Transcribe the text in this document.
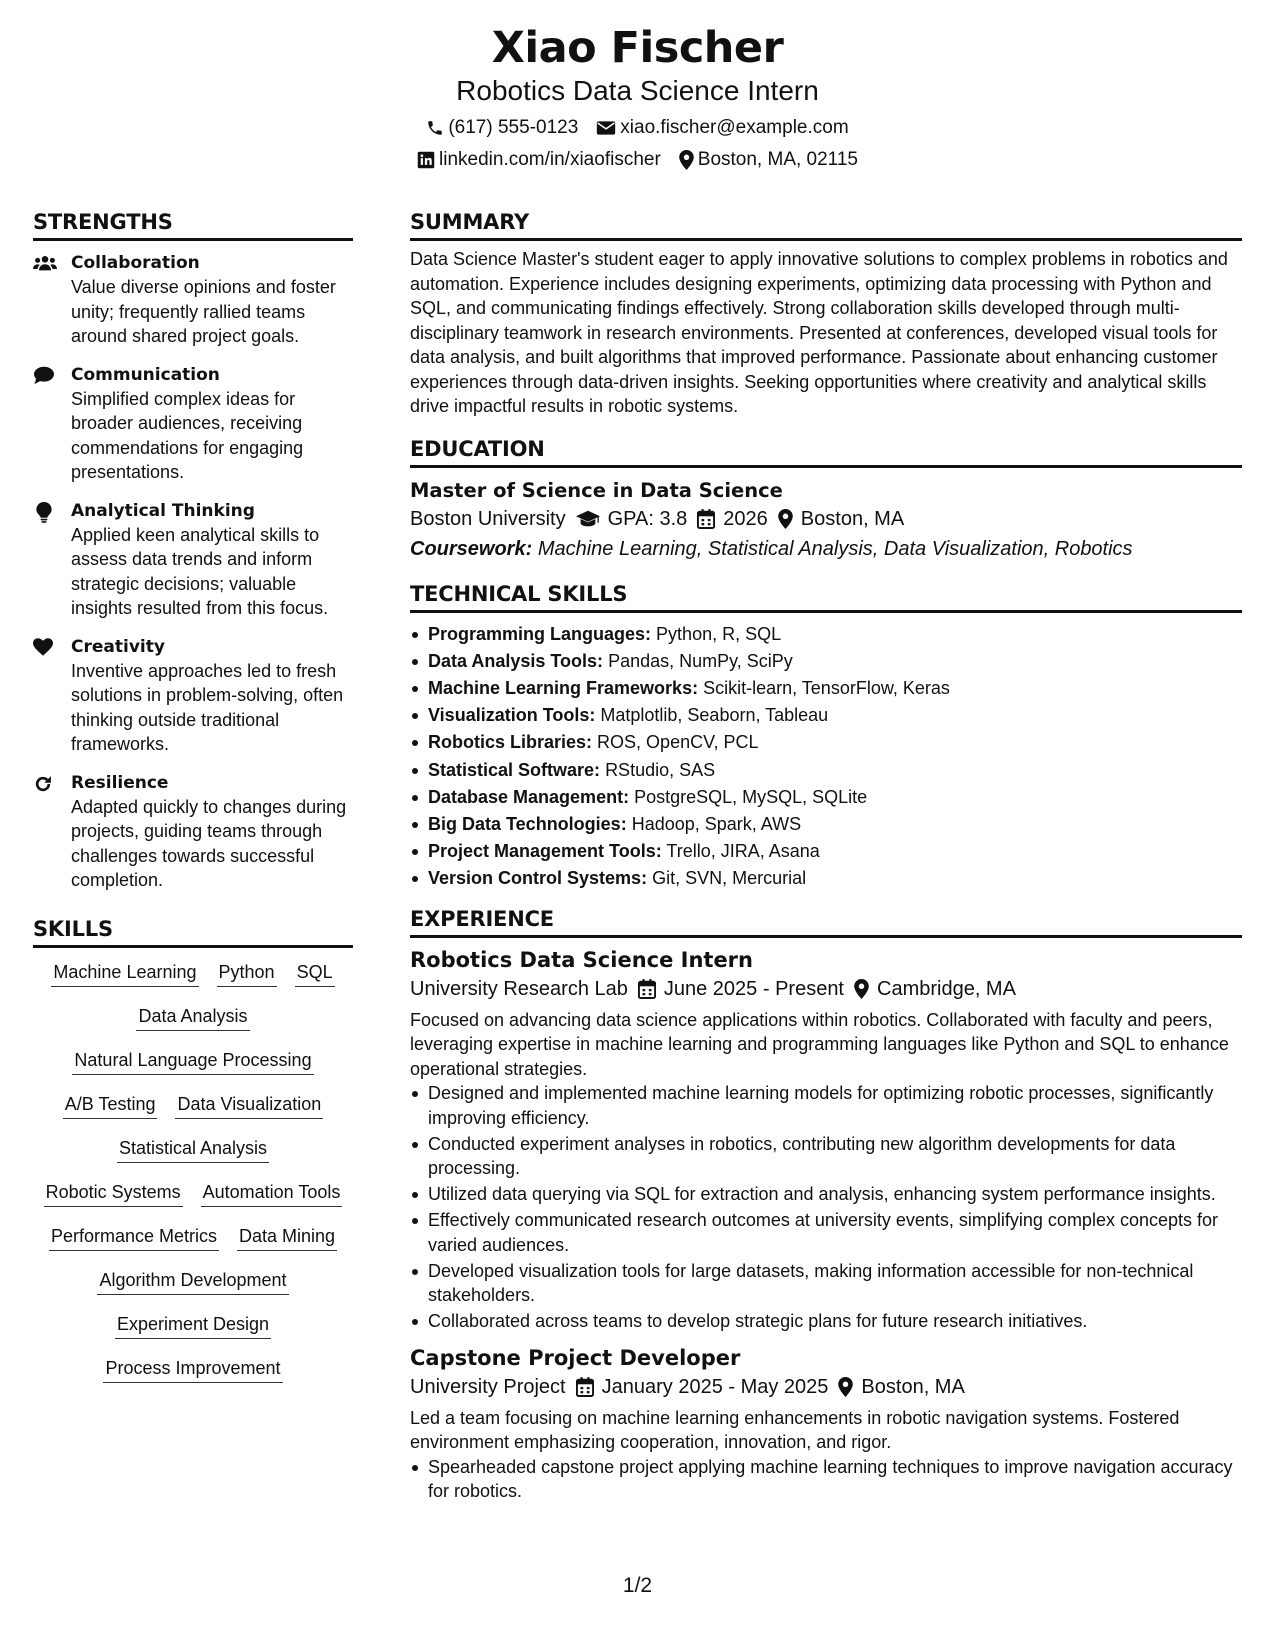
Xiao Fischer
Robotics Data Science Intern
(617) 555-0123 xiao.fischer@example.com
linkedin.com/in/xiaofischer Boston, MA, 02115
STRENGTHS
Collaboration
Value diverse opinions and foster unity; frequently rallied teams around shared project goals.
Communication
Simplified complex ideas for broader audiences, receiving commendations for engaging presentations.
Analytical Thinking
Applied keen analytical skills to assess data trends and inform strategic decisions; valuable insights resulted from this focus.
Creativity
Inventive approaches led to fresh solutions in problem-solving, often thinking outside traditional frameworks.
Resilience
Adapted quickly to changes during projects, guiding teams through challenges towards successful completion.
SKILLS
Machine Learning Python SQL
Data Analysis
Natural Language Processing
A/B Testing Data Visualization
Statistical Analysis
Robotic Systems Automation Tools
Performance Metrics Data Mining
Algorithm Development
Experiment Design
Process Improvement
SUMMARY
Data Science Master's student eager to apply innovative solutions to complex problems in robotics and automation. Experience includes designing experiments, optimizing data processing with Python and SQL, and communicating findings effectively. Strong collaboration skills developed through multi-disciplinary teamwork in research environments. Presented at conferences, developed visual tools for data analysis, and built algorithms that improved performance. Passionate about enhancing customer experiences through data-driven insights. Seeking opportunities where creativity and analytical skills drive impactful results in robotic systems.
EDUCATION
Master of Science in Data Science
Boston University GPA: 3.8 2026 Boston, MA
Coursework: Machine Learning, Statistical Analysis, Data Visualization, Robotics
TECHNICAL SKILLS
Programming Languages: Python, R, SQL
Data Analysis Tools: Pandas, NumPy, SciPy
Machine Learning Frameworks: Scikit-learn, TensorFlow, Keras
Visualization Tools: Matplotlib, Seaborn, Tableau
Robotics Libraries: ROS, OpenCV, PCL
Statistical Software: RStudio, SAS
Database Management: PostgreSQL, MySQL, SQLite
Big Data Technologies: Hadoop, Spark, AWS
Project Management Tools: Trello, JIRA, Asana
Version Control Systems: Git, SVN, Mercurial
EXPERIENCE
Robotics Data Science Intern
University Research Lab June 2025 - Present Cambridge, MA
Focused on advancing data science applications within robotics. Collaborated with faculty and peers, leveraging expertise in machine learning and programming languages like Python and SQL to enhance operational strategies.
Designed and implemented machine learning models for optimizing robotic processes, significantly improving efficiency.
Conducted experiment analyses in robotics, contributing new algorithm developments for data processing.
Utilized data querying via SQL for extraction and analysis, enhancing system performance insights.
Effectively communicated research outcomes at university events, simplifying complex concepts for varied audiences.
Developed visualization tools for large datasets, making information accessible for non-technical stakeholders.
Collaborated across teams to develop strategic plans for future research initiatives.
Capstone Project Developer
University Project January 2025 - May 2025 Boston, MA
Led a team focusing on machine learning enhancements in robotic navigation systems. Fostered environment emphasizing cooperation, innovation, and rigor.
Spearheaded capstone project applying machine learning techniques to improve navigation accuracy for robotics.
1/2
